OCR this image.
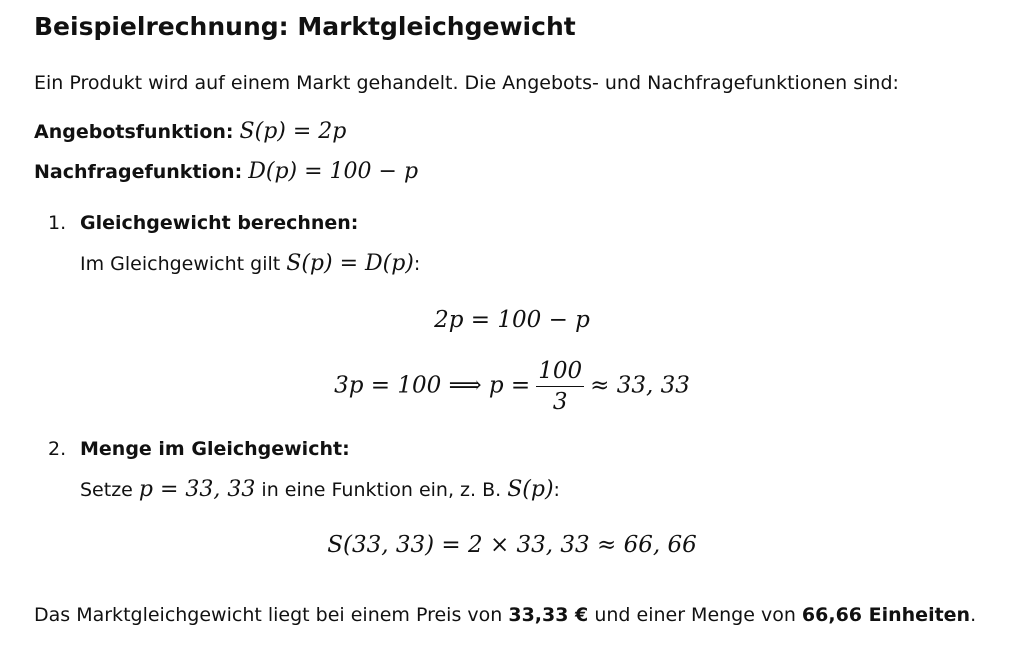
Beispielrechnung: Marktgleichgewicht
Ein Produkt wird auf einem Markt gehandelt. Die Angebots- und Nachfragefunktionen sind:
Angebotsfunktion: S(p) = 2p
Nachfragefunktion: D(p) = 100 − p
1. Gleichgewicht berechnen:
Im Gleichgewicht gilt S(p) = D(p):
2p = 100 − p
3p = 100 ⟹ $p = \frac{100}{3} \approx 33$, 33
2. Menge im Gleichgewicht:
Setze p = 33, 33 in eine Funktion ein, z. B. S(p):
S(33, 33) = 2 × 33, 33 ≈ 66, 66
Das Marktgleichgewicht liegt bei einem Preis von 33,33 € und einer Menge von 66,66 Einheiten.
